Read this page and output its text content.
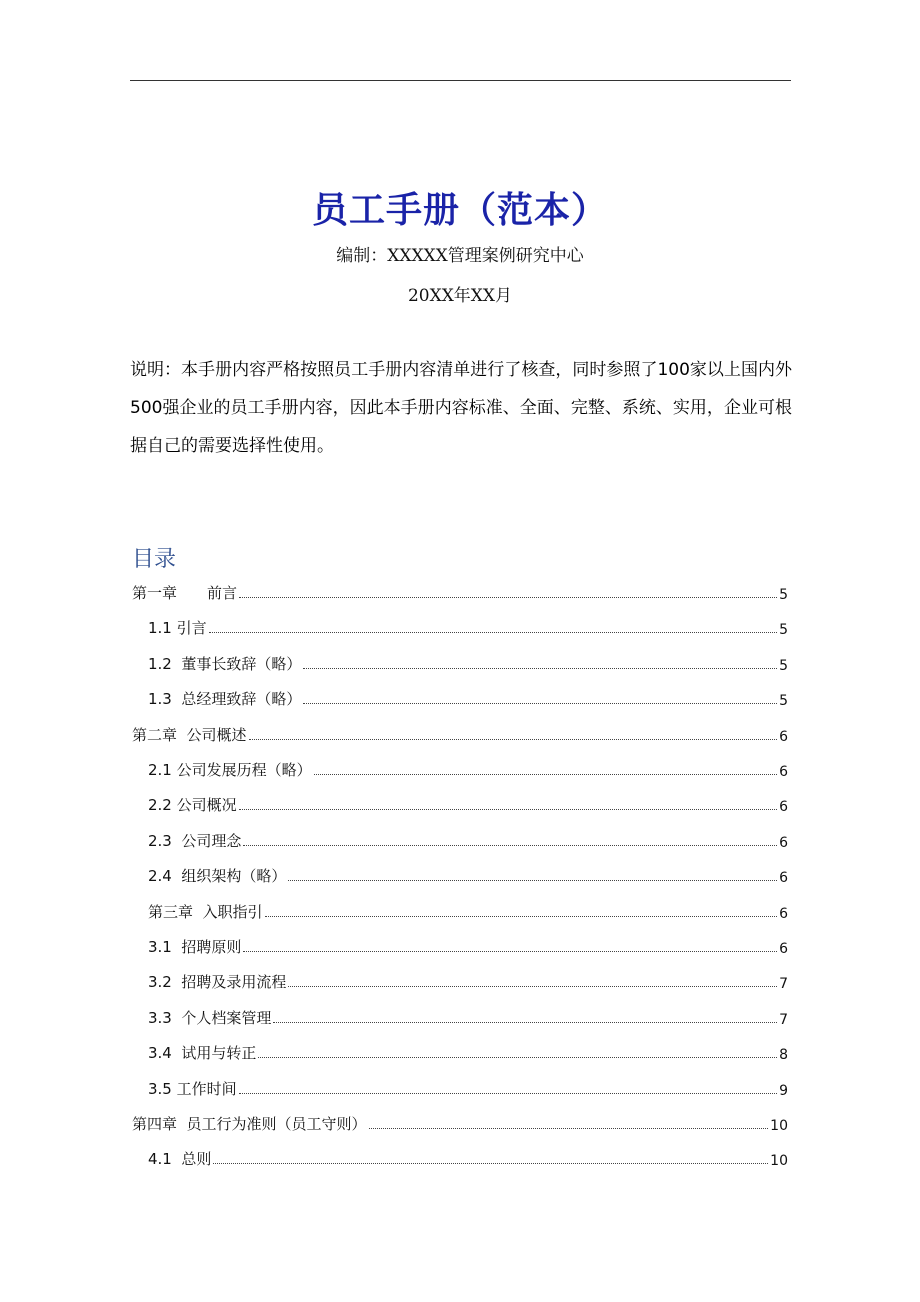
员工手册（范本）
编制：XXXXX管理案例研究中心
20XX年XX月
说明：本手册内容严格按照员工手册内容清单进行了核查，同时参照了100家以上国内外500强企业的员工手册内容，因此本手册内容标准、全面、完整、系统、实用，企业可根据自己的需要选择性使用。
目录
第一章　　前言	5
1.1 引言	5
1.2  董事长致辞（略）	5
1.3  总经理致辞（略）	5
第二章  公司概述	6
2.1 公司发展历程（略）	6
2.2 公司概况	6
2.3  公司理念	6
2.4  组织架构（略）	6
第三章  入职指引	6
3.1  招聘原则	6
3.2  招聘及录用流程	7
3.3  个人档案管理	7
3.4  试用与转正	8
3.5 工作时间	9
第四章  员工行为准则（员工守则）	10
4.1  总则	10
